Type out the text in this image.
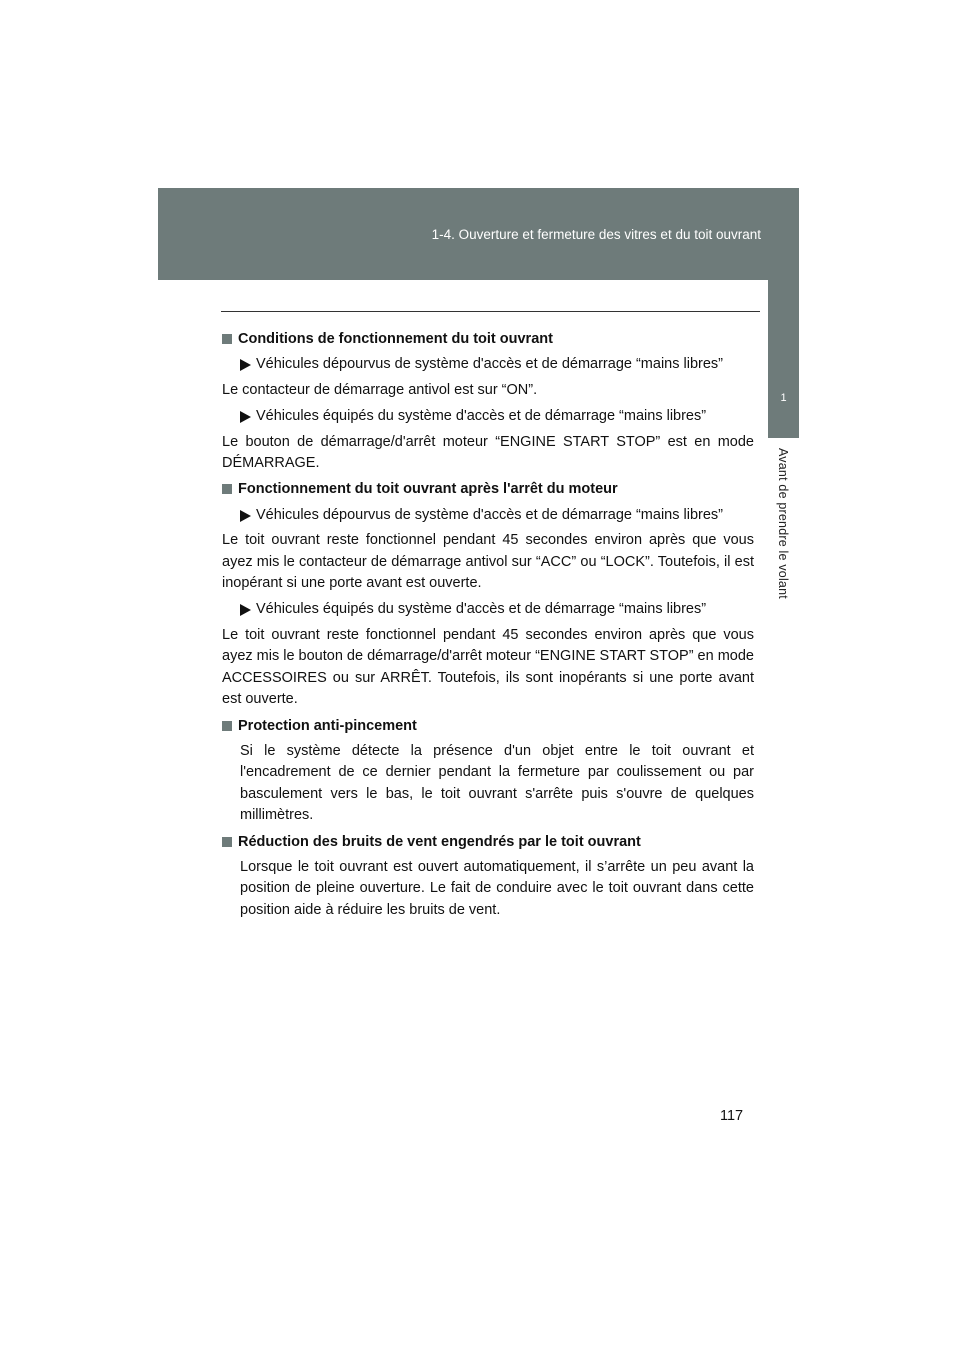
1-4. Ouverture et fermeture des vitres et du toit ouvrant
1
Avant de prendre le volant
Conditions de fonctionnement du toit ouvrant
Véhicules dépourvus de système d'accès et de démarrage “mains libres”
Le contacteur de démarrage antivol est sur “ON”.
Véhicules équipés du système d'accès et de démarrage “mains libres”
Le bouton de démarrage/d'arrêt moteur “ENGINE START STOP” est en mode DÉMARRAGE.
Fonctionnement du toit ouvrant après l'arrêt du moteur
Véhicules dépourvus de système d'accès et de démarrage “mains libres”
Le toit ouvrant reste fonctionnel pendant 45 secondes environ après que vous ayez mis le contacteur de démarrage antivol sur “ACC” ou “LOCK”. Toutefois, il est inopérant si une porte avant est ouverte.
Véhicules équipés du système d'accès et de démarrage “mains libres”
Le toit ouvrant reste fonctionnel pendant 45 secondes environ après que vous ayez mis le bouton de démarrage/d'arrêt moteur “ENGINE START STOP” en mode ACCESSOIRES ou sur ARRÊT. Toutefois, ils sont inopérants si une porte avant est ouverte.
Protection anti-pincement
Si le système détecte la présence d'un objet entre le toit ouvrant et l'encadrement de ce dernier pendant la fermeture par coulissement ou par basculement vers le bas, le toit ouvrant s'arrête puis s'ouvre de quelques millimètres.
Réduction des bruits de vent engendrés par le toit ouvrant
Lorsque le toit ouvrant est ouvert automatiquement, il s’arrête un peu avant la position de pleine ouverture. Le fait de conduire avec le toit ouvrant dans cette position aide à réduire les bruits de vent.
117
